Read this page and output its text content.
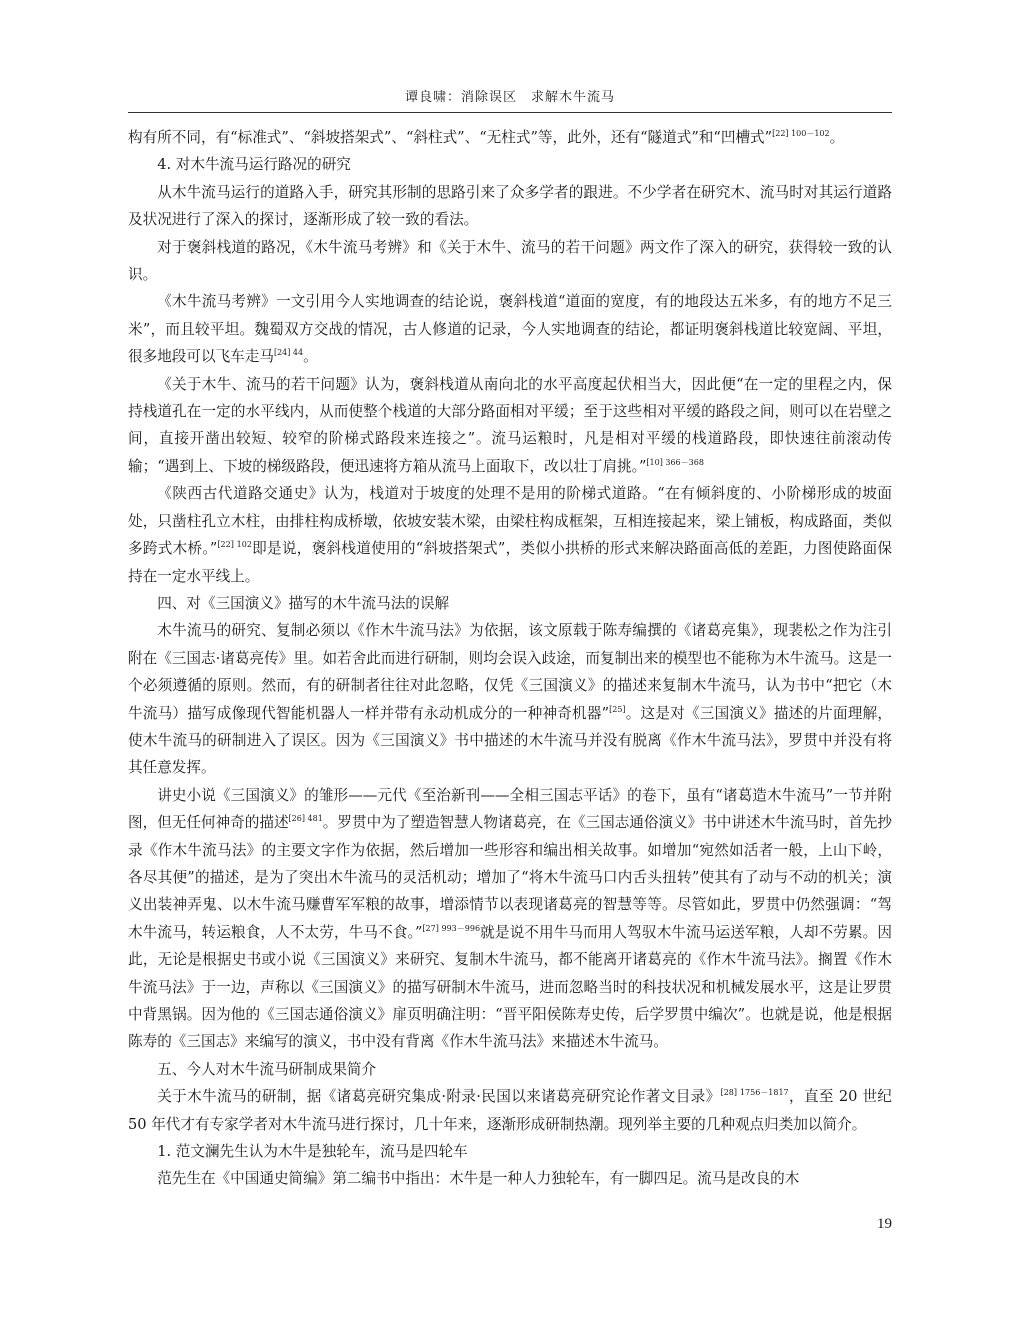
谭良啸：消除误区　求解木牛流马

构有所不同，有“标准式”、“斜坡搭架式”、“斜柱式”、“无柱式”等，此外，还有“隧道式”和“凹槽式”$^{[22] 100-102}$。

4. 对木牛流马运行路况的研究

从木牛流马运行的道路入手，研究其形制的思路引来了众多学者的跟进。不少学者在研究木、流马时对其运行道路及状况进行了深入的探讨，逐渐形成了较一致的看法。

对于褒斜栈道的路况，《木牛流马考辨》和《关于木牛、流马的若干问题》两文作了深入的研究，获得较一致的认识。

《木牛流马考辨》一文引用今人实地调查的结论说，褒斜栈道“道面的宽度，有的地段达五米多，有的地方不足三米”，而且较平坦。魏蜀双方交战的情况，古人修道的记录，今人实地调查的结论，都证明褒斜栈道比较宽阔、平坦，很多地段可以飞车走马$^{[24] 44}$。

《关于木牛、流马的若干问题》认为，褒斜栈道从南向北的水平高度起伏相当大，因此便“在一定的里程之内，保持栈道孔在一定的水平线内，从而使整个栈道的大部分路面相对平缓；至于这些相对平缓的路段之间，则可以在岩壁之间，直接开凿出较短、较窄的阶梯式路段来连接之”。流马运粮时，凡是相对平缓的栈道路段，即快速往前滚动传输；“遇到上、下坡的梯级路段，便迅速将方箱从流马上面取下，改以壮丁肩挑。”$^{[10] 366-368}$

《陕西古代道路交通史》认为，栈道对于坡度的处理不是用的阶梯式道路。“在有倾斜度的、小阶梯形成的坡面处，只凿柱孔立木柱，由排柱构成桥墩，依坡安装木梁，由梁柱构成框架，互相连接起来，梁上铺板，构成路面，类似多跨式木桥。”$^{[22] 102}$即是说，褒斜栈道使用的“斜坡搭架式”，类似小拱桥的形式来解决路面高低的差距，力图使路面保持在一定水平线上。

四、对《三国演义》描写的木牛流马法的误解

木牛流马的研究、复制必须以《作木牛流马法》为依据，该文原载于陈寿编撰的《诸葛亮集》，现裴松之作为注引附在《三国志·诸葛亮传》里。如若舍此而进行研制，则均会误入歧途，而复制出来的模型也不能称为木牛流马。这是一个必须遵循的原则。然而，有的研制者往往对此忽略，仅凭《三国演义》的描述来复制木牛流马，认为书中“把它（木牛流马）描写成像现代智能机器人一样并带有永动机成分的一种神奇机器”[25]。这是对《三国演义》描述的片面理解，使木牛流马的研制进入了误区。因为《三国演义》书中描述的木牛流马并没有脱离《作木牛流马法》，罗贯中并没有将其任意发挥。

讲史小说《三国演义》的雏形——元代《至治新刊——全相三国志平话》的卷下，虽有“诸葛造木牛流马”一节并附图，但无任何神奇的描述$^{[26] 481}$。罗贯中为了塑造智慧人物诸葛亮，在《三国志通俗演义》书中讲述木牛流马时，首先抄录《作木牛流马法》的主要文字作为依据，然后增加一些形容和编出相关故事。如增加“宛然如活者一般，上山下岭，各尽其便”的描述，是为了突出木牛流马的灵活机动；增加了“将木牛流马口内舌头扭转”使其有了动与不动的机关；演义出装神弄鬼、以木牛流马赚曹军军粮的故事，增添情节以表现诸葛亮的智慧等等。尽管如此，罗贯中仍然强调：“驾木牛流马，转运粮食，人不太劳，牛马不食。”$^{[27] 993-996}$就是说不用牛马而用人驾驭木牛流马运送军粮，人却不劳累。因此，无论是根据史书或小说《三国演义》来研究、复制木牛流马，都不能离开诸葛亮的《作木牛流马法》。搁置《作木牛流马法》于一边，声称以《三国演义》的描写研制木牛流马，进而忽略当时的科技状况和机械发展水平，这是让罗贯中背黑锅。因为他的《三国志通俗演义》扉页明确注明：“晋平阳侯陈寿史传，后学罗贯中编次”。也就是说，他是根据陈寿的《三国志》来编写的演义，书中没有背离《作木牛流马法》来描述木牛流马。

五、今人对木牛流马研制成果简介

关于木牛流马的研制，据《诸葛亮研究集成·附录·民国以来诸葛亮研究论作著文目录》$^{[28] 1756-1817}$，直至 20 世纪 50 年代才有专家学者对木牛流马进行探讨，几十年来，逐渐形成研制热潮。现列举主要的几种观点归类加以简介。

1. 范文澜先生认为木牛是独轮车，流马是四轮车

范先生在《中国通史简编》第二编书中指出：木牛是一种人力独轮车，有一脚四足。流马是改良的木

19
